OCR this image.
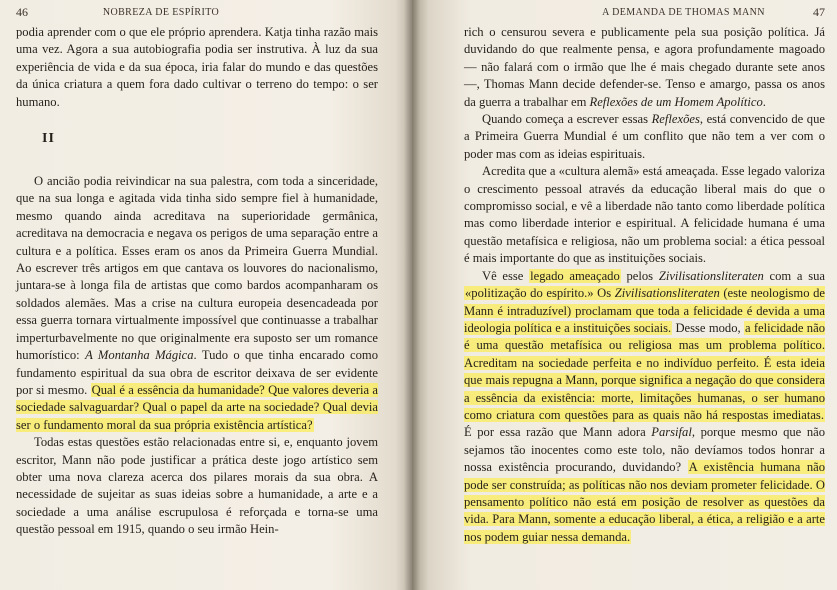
46	NOBREZA DE ESPÍRITO

podia aprender com o que ele próprio aprendera. Katja tinha razão mais uma vez. Agora a sua autobiografia podia ser instrutiva. À luz da sua experiência de vida e da sua época, iria falar do mundo e das questões da única criatura a quem fora dado cultivar o terreno do tempo: o ser humano.

II

O ancião podia reivindicar na sua palestra, com toda a sinceridade, que na sua longa e agitada vida tinha sido sempre fiel à humanidade, mesmo quando ainda acreditava na superioridade germânica, acreditava na democracia e negava os perigos de uma separação entre a cultura e a política. Esses eram os anos da Primeira Guerra Mundial. Ao escrever três artigos em que cantava os louvores do nacionalismo, juntara-se à longa fila de artistas que como bardos acompanharam os soldados alemães. Mas a crise na cultura europeia desencadeada por essa guerra tornara virtualmente impossível que continuasse a trabalhar imperturbavelmente no que originalmente era suposto ser um romance humorístico: A Montanha Mágica. Tudo o que tinha encarado como fundamento espiritual da sua obra de escritor deixava de ser evidente por si mesmo. Qual é a essência da humanidade? Que valores deveria a sociedade salvaguardar? Qual o papel da arte na sociedade? Qual devia ser o fundamento moral da sua própria existência artística?

Todas estas questões estão relacionadas entre si, e, enquanto jovem escritor, Mann não pode justificar a prática deste jogo artístico sem obter uma nova clareza acerca dos pilares morais da sua obra. A necessidade de sujeitar as suas ideias sobre a humanidade, a arte e a sociedade a uma análise escrupulosa é reforçada e torna-se uma questão pessoal em 1915, quando o seu irmão Hein-

A DEMANDA DE THOMAS MANN	47

rich o censurou severa e publicamente pela sua posição política. Já duvidando do que realmente pensa, e agora profundamente magoado — não falará com o irmão que lhe é mais chegado durante sete anos —, Thomas Mann decide defender-se. Tenso e amargo, passa os anos da guerra a trabalhar em Reflexões de um Homem Apolítico.

Quando começa a escrever essas Reflexões, está convencido de que a Primeira Guerra Mundial é um conflito que não tem a ver com o poder mas com as ideias espirituais.

Acredita que a «cultura alemã» está ameaçada. Esse legado valoriza o crescimento pessoal através da educação liberal mais do que o compromisso social, e vê a liberdade não tanto como liberdade política mas como liberdade interior e espiritual. A felicidade humana é uma questão metafísica e religiosa, não um problema social: a ética pessoal é mais importante do que as instituições sociais.

Vê esse legado ameaçado pelos Zivilisationsliteraten com a sua «politização do espírito.» Os Zivilisationsliteraten (este neologismo de Mann é intraduzível) proclamam que toda a felicidade é devida a uma ideologia política e a instituições sociais. Desse modo, a felicidade não é uma questão metafísica ou religiosa mas um problema político. Acreditam na sociedade perfeita e no indivíduo perfeito. É esta ideia que mais repugna a Mann, porque significa a negação do que considera a essência da existência: morte, limitações humanas, o ser humano como criatura com questões para as quais não há respostas imediatas. É por essa razão que Mann adora Parsifal, porque mesmo que não sejamos tão inocentes como este tolo, não devíamos todos honrar a nossa existência procurando, duvidando? A existência humana não pode ser construída; as políticas não nos deviam prometer felicidade. O pensamento político não está em posição de resolver as questões da vida. Para Mann, somente a educação liberal, a ética, a religião e a arte nos podem guiar nessa demanda.
